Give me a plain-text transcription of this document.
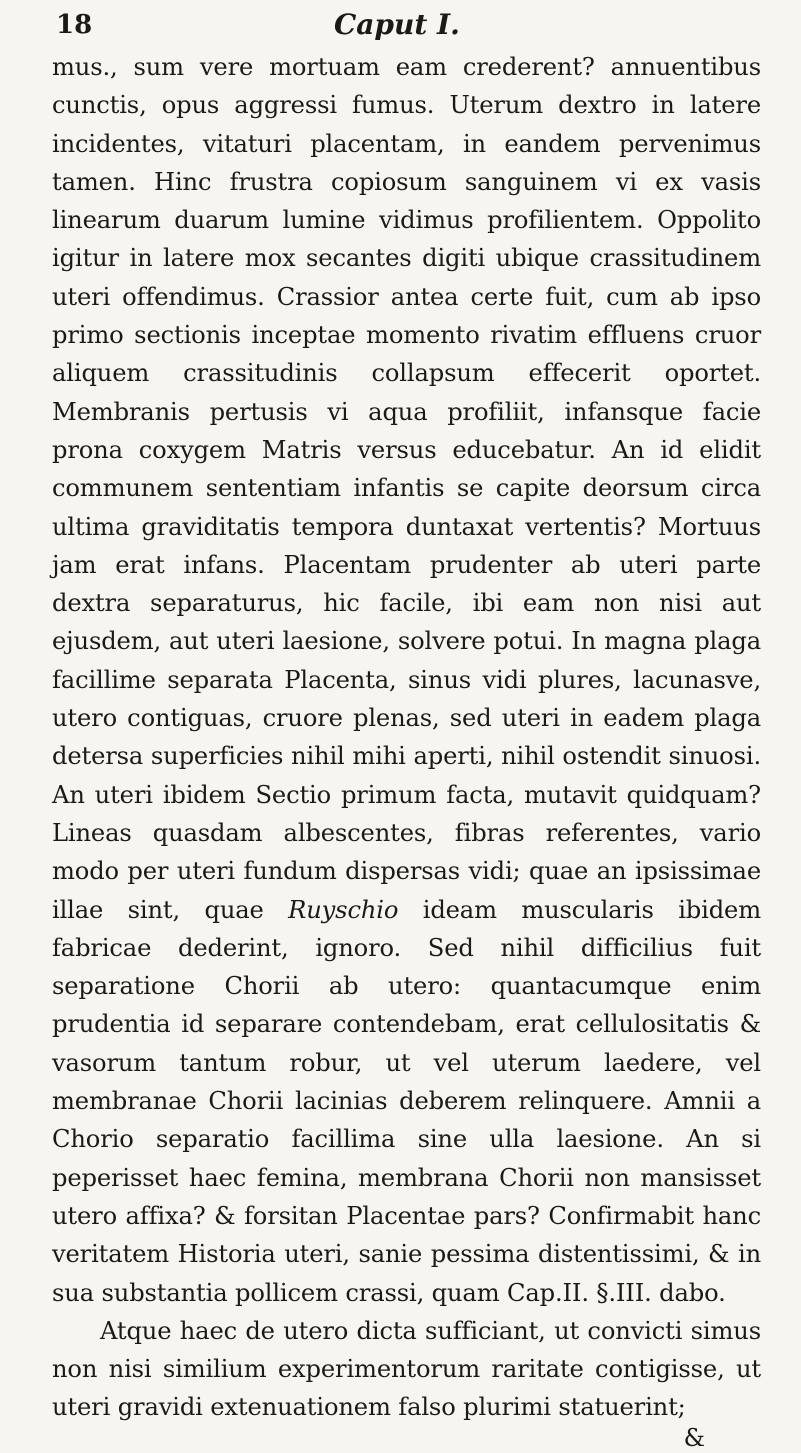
18	Caput I.

mus., sum vere mortuam eam crederent? annuentibus cunctis, opus aggressi fumus. Uterum dextro in latere incidentes, vitaturi placentam, in eandem pervenimus tamen. Hinc frustra copiosum sanguinem vi ex vasis linearum duarum lumine vidimus profilientem. Oppolito igitur in latere mox secantes digiti ubique crassitudinem uteri offendimus. Crassior antea certe fuit, cum ab ipso primo sectionis inceptae momento rivatim effluens cruor aliquem crassitudinis collapsum effecerit oportet. Membranis pertusis vi aqua profiliit, infansque facie prona coxygem Matris versus educebatur. An id elidit communem sententiam infantis se capite deorsum circa ultima graviditatis tempora duntaxat vertentis? Mortuus jam erat infans. Placentam prudenter ab uteri parte dextra separaturus, hic facile, ibi eam non nisi aut ejusdem, aut uteri laesione, solvere potui. In magna plaga facillime separata Placenta, sinus vidi plures, lacunasve, utero contiguas, cruore plenas, sed uteri in eadem plaga detersa superficies nihil mihi aperti, nihil ostendit sinuosi. An uteri ibidem Sectio primum facta, mutavit quidquam? Lineas quasdam albescentes, fibras referentes, vario modo per uteri fundum dispersas vidi; quae an ipsissimae illae sint, quae Ruyschio ideam muscularis ibidem fabricae dederint, ignoro. Sed nihil difficilius fuit separatione Chorii ab utero: quantacumque enim prudentia id separare contendebam, erat cellulositatis & vasorum tantum robur, ut vel uterum laedere, vel membranae Chorii lacinias deberem relinquere. Amnii a Chorio separatio facillima sine ulla laesione. An si peperisset haec femina, membrana Chorii non mansisset utero affixa? & forsitan Placentae pars? Confirmabit hanc veritatem Historia uteri, sanie pessima distentissimi, & in sua substantia pollicem crassi, quam Cap.II. §.III. dabo.

Atque haec de utero dicta sufficiant, ut convicti simus non nisi similium experimentorum raritate contigisse, ut uteri gravidi extenuationem falso plurimi statuerint;

&
